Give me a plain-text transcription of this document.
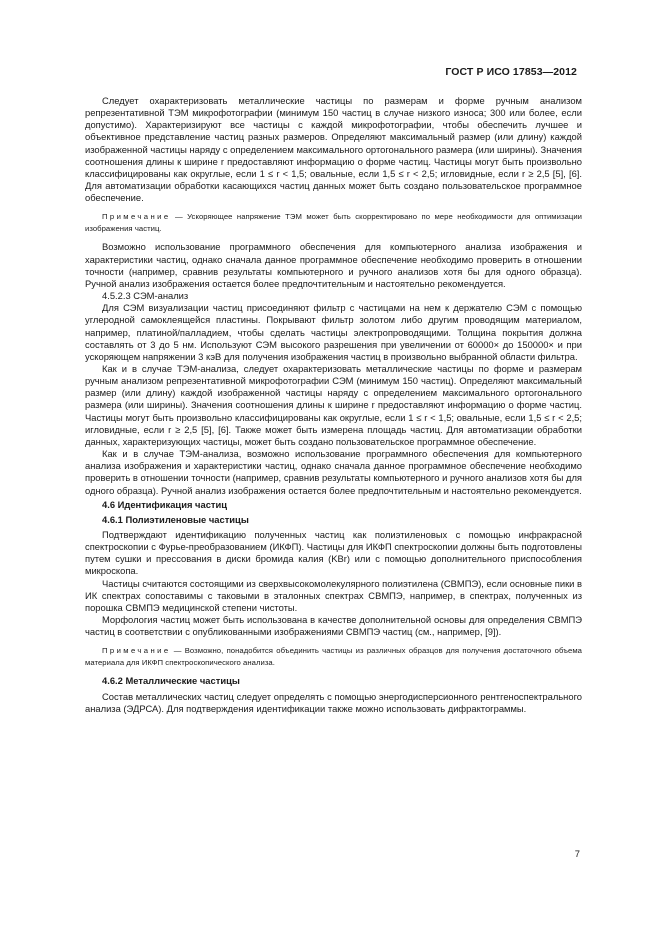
ГОСТ Р ИСО 17853—2012

Следует охарактеризовать металлические частицы по размерам и форме ручным анализом репрезентативной ТЭМ микрофотографии (минимум 150 частиц в случае низкого износа; 300 или более, если допустимо). Характеризируют все частицы с каждой микрофотографии, чтобы обеспечить лучшее и объективное представление частиц разных размеров. Определяют максимальный размер (или длину) каждой изображенной частицы наряду с определением максимального ортогонального размера (или ширины). Значения соотношения длины к ширине r предоставляют информацию о форме частиц. Частицы могут быть произвольно классифицированы как округлые, если 1 ≤ r < 1,5; овальные, если 1,5 ≤ r < 2,5; игловидные, если r ≥ 2,5 [5], [6]. Для автоматизации обработки касающихся частиц данных может быть создано пользовательское программное обеспечение.

Примечание — Ускоряющее напряжение ТЭМ может быть скорректировано по мере необходимости для оптимизации изображения частиц.

Возможно использование программного обеспечения для компьютерного анализа изображения и характеристики частиц, однако сначала данное программное обеспечение необходимо проверить в отношении точности (например, сравнив результаты компьютерного и ручного анализов хотя бы для одного образца). Ручной анализ изображения остается более предпочтительным и настоятельно рекомендуется.

4.5.2.3 СЭМ-анализ

Для СЭМ визуализации частиц присоединяют фильтр с частицами на нем к держателю СЭМ с помощью углеродной самоклеящейся пластины. Покрывают фильтр золотом либо другим проводящим материалом, например, платиной/палладием, чтобы сделать частицы электропроводящими. Толщина покрытия должна составлять от 3 до 5 нм. Используют СЭМ высокого разрешения при увеличении от 60000× до 150000× и при ускоряющем напряжении 3 кэВ для получения изображения частиц в произвольно выбранной области фильтра.

Как и в случае ТЭМ-анализа, следует охарактеризовать металлические частицы по форме и размерам ручным анализом репрезентативной микрофотографии СЭМ (минимум 150 частиц). Определяют максимальный размер (или длину) каждой изображенной частицы наряду с определением максимального ортогонального размера (или ширины). Значения соотношения длины к ширине r предоставляют информацию о форме частиц. Частицы могут быть произвольно классифицированы как округлые, если 1 ≤ r < 1,5; овальные, если 1,5 ≤ r < 2,5; игловидные, если r ≥ 2,5 [5], [6]. Также может быть измерена площадь частиц. Для автоматизации обработки данных, характеризующих частицы, может быть создано пользовательское программное обеспечение.

Как и в случае ТЭМ-анализа, возможно использование программного обеспечения для компьютерного анализа изображения и характеристики частиц, однако сначала данное программное обеспечение необходимо проверить в отношении точности (например, сравнив результаты компьютерного и ручного анализов хотя бы для одного образца). Ручной анализ изображения остается более предпочтительным и настоятельно рекомендуется.

4.6 Идентификация частиц

4.6.1 Полиэтиленовые частицы

Подтверждают идентификацию полученных частиц как полиэтиленовых с помощью инфракрасной спектроскопии с Фурье-преобразованием (ИКФП). Частицы для ИКФП спектроскопии должны быть подготовлены путем сушки и прессования в диски бромида калия (KBr) или с помощью дополнительного приспособления микроскопа.

Частицы считаются состоящими из сверхвысокомолекулярного полиэтилена (СВМПЭ), если основные пики в ИК спектрах сопоставимы с таковыми в эталонных спектрах СВМПЭ, например, в спектрах, полученных из порошка СВМПЭ медицинской степени чистоты.

Морфология частиц может быть использована в качестве дополнительной основы для определения СВМПЭ частиц в соответствии с опубликованными изображениями СВМПЭ частиц (см., например, [9]).

Примечание — Возможно, понадобится объединить частицы из различных образцов для получения достаточного объема материала для ИКФП спектроскопического анализа.

4.6.2 Металлические частицы

Состав металлических частиц следует определять с помощью энергодисперсионного рентгеноспектрального анализа (ЭДРСА). Для подтверждения идентификации также можно использовать дифрактограммы.

7
